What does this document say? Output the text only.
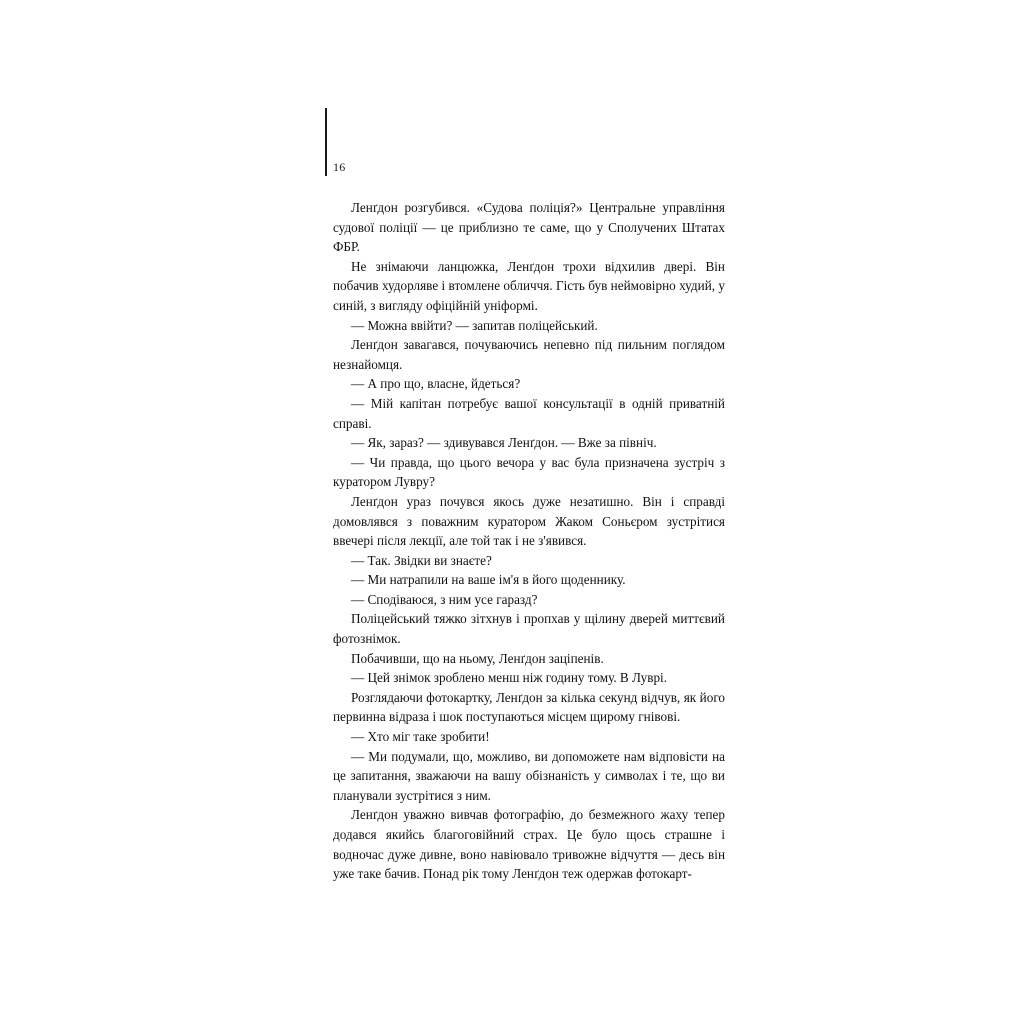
16

Ленґдон розгубився. «Судова поліція?» Центральне управління судової поліції — це приблизно те саме, що у Сполучених Штатах ФБР.

Не знімаючи ланцюжка, Ленґдон трохи відхилив двері. Він побачив худорляве і втомлене обличчя. Гість був неймовірно худий, у синій, з вигляду офіційній уніформі.

— Можна ввійти? — запитав поліцейський.

Ленґдон завагався, почуваючись непевно під пильним поглядом незнайомця.

— А про що, власне, йдеться?

— Мій капітан потребує вашої консультації в одній приватній справі.

— Як, зараз? — здивувався Ленґдон. — Вже за північ.

— Чи правда, що цього вечора у вас була призначена зустріч з куратором Лувру?

Ленґдон ураз почувся якось дуже незатишно. Він і справді домовлявся з поважним куратором Жаком Соньєром зустрітися ввечері після лекції, але той так і не з'явився.

— Так. Звідки ви знаєте?

— Ми натрапили на ваше ім'я в його щоденнику.

— Сподіваюся, з ним усе гаразд?

Поліцейський тяжко зітхнув і пропхав у щілину дверей миттєвий фотознімок.

Побачивши, що на ньому, Ленґдон заціпенів.

— Цей знімок зроблено менш ніж годину тому. В Луврі.

Розглядаючи фотокартку, Ленґдон за кілька секунд відчув, як його первинна відраза і шок поступаються місцем щирому гнівові.

— Хто міг таке зробити!

— Ми подумали, що, можливо, ви допоможете нам відповісти на це запитання, зважаючи на вашу обізнаність у символах і те, що ви планували зустрітися з ним.

Ленґдон уважно вивчав фотографію, до безмежного жаху тепер додався якийсь благоговійний страх. Це було щось страшне і водночас дуже дивне, воно навіювало тривожне відчуття — десь він уже таке бачив. Понад рік тому Ленґдон теж одержав фотокарт-
